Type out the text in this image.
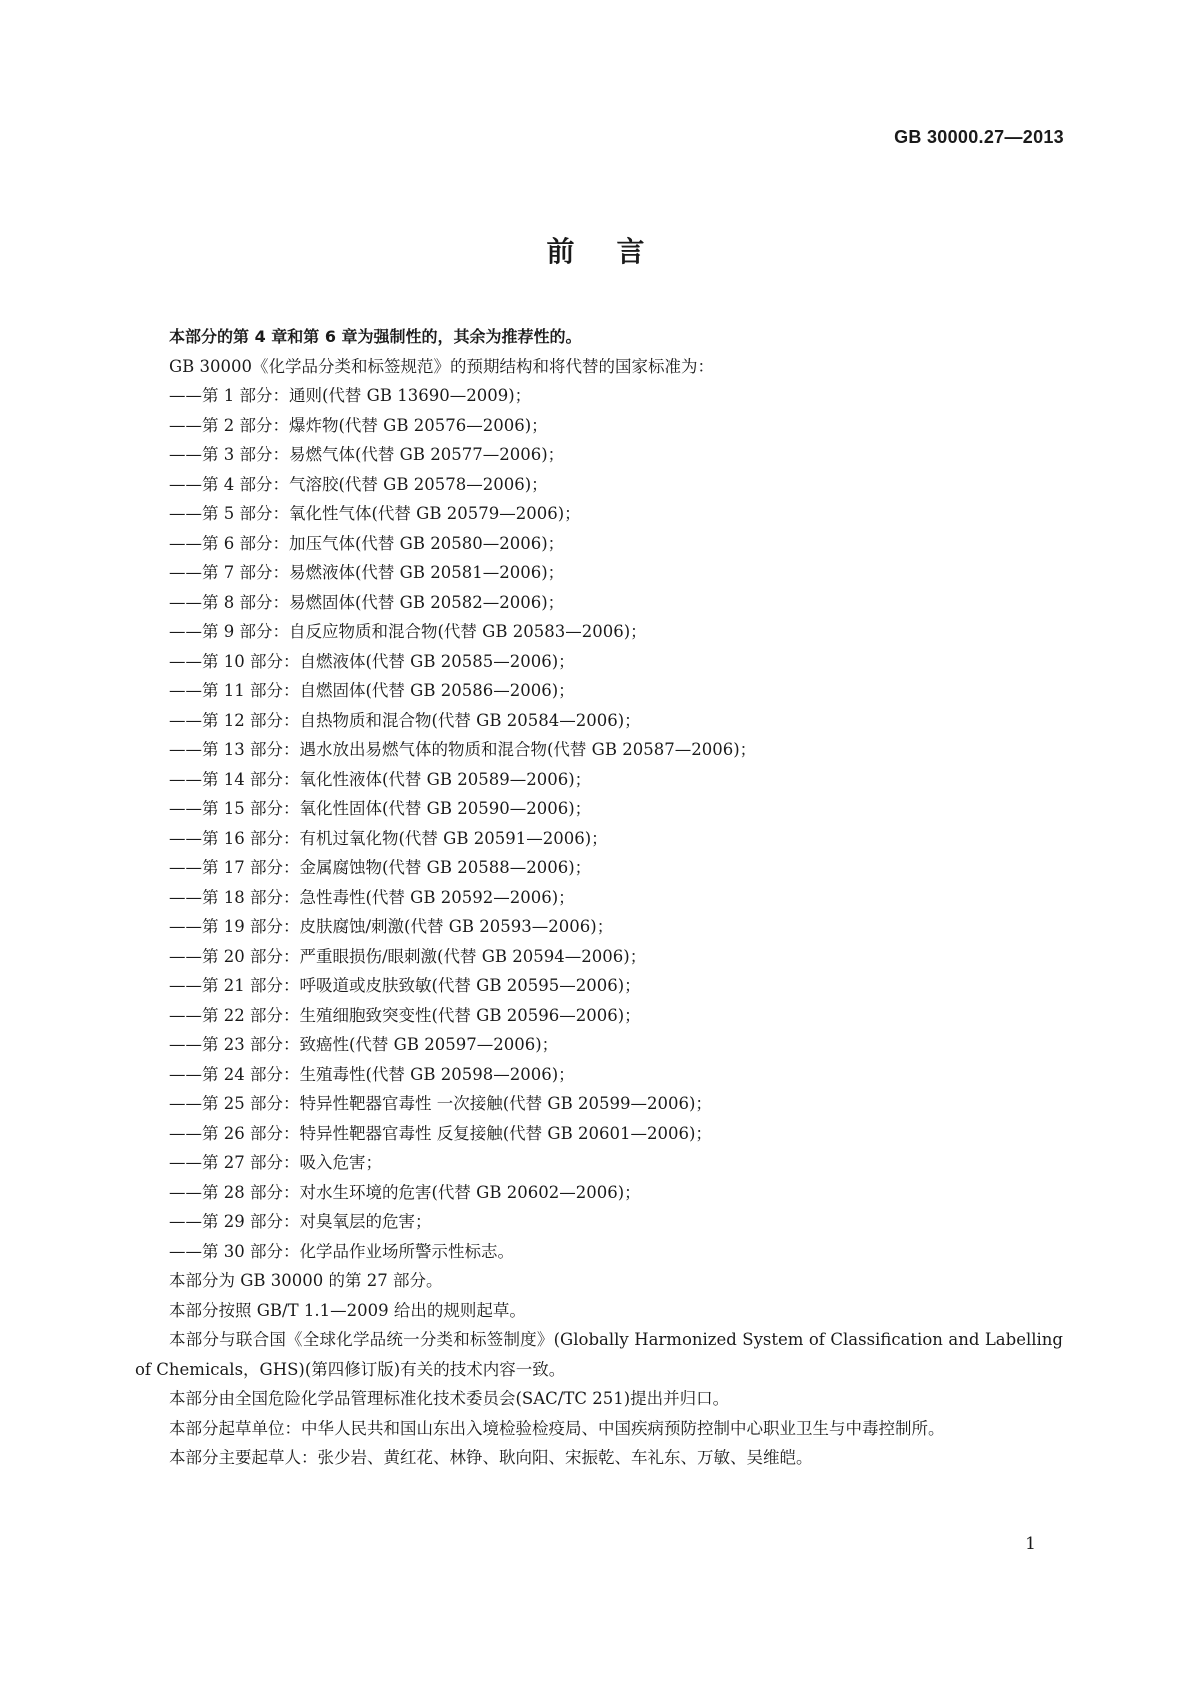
GB 30000.27—2013
前言

本部分的第 4 章和第 6 章为强制性的，其余为推荐性的。

GB 30000《化学品分类和标签规范》的预期结构和将代替的国家标准为：

——第 1 部分：通则(代替 GB 13690—2009)；
——第 2 部分：爆炸物(代替 GB 20576—2006)；
——第 3 部分：易燃气体(代替 GB 20577—2006)；
——第 4 部分：气溶胶(代替 GB 20578—2006)；
——第 5 部分：氧化性气体(代替 GB 20579—2006)；
——第 6 部分：加压气体(代替 GB 20580—2006)；
——第 7 部分：易燃液体(代替 GB 20581—2006)；
——第 8 部分：易燃固体(代替 GB 20582—2006)；
——第 9 部分：自反应物质和混合物(代替 GB 20583—2006)；
——第 10 部分：自燃液体(代替 GB 20585—2006)；
——第 11 部分：自燃固体(代替 GB 20586—2006)；
——第 12 部分：自热物质和混合物(代替 GB 20584—2006)；
——第 13 部分：遇水放出易燃气体的物质和混合物(代替 GB 20587—2006)；
——第 14 部分：氧化性液体(代替 GB 20589—2006)；
——第 15 部分：氧化性固体(代替 GB 20590—2006)；
——第 16 部分：有机过氧化物(代替 GB 20591—2006)；
——第 17 部分：金属腐蚀物(代替 GB 20588—2006)；
——第 18 部分：急性毒性(代替 GB 20592—2006)；
——第 19 部分：皮肤腐蚀/刺激(代替 GB 20593—2006)；
——第 20 部分：严重眼损伤/眼刺激(代替 GB 20594—2006)；
——第 21 部分：呼吸道或皮肤致敏(代替 GB 20595—2006)；
——第 22 部分：生殖细胞致突变性(代替 GB 20596—2006)；
——第 23 部分：致癌性(代替 GB 20597—2006)；
——第 24 部分：生殖毒性(代替 GB 20598—2006)；
——第 25 部分：特异性靶器官毒性 一次接触(代替 GB 20599—2006)；
——第 26 部分：特异性靶器官毒性 反复接触(代替 GB 20601—2006)；
——第 27 部分：吸入危害；
——第 28 部分：对水生环境的危害(代替 GB 20602—2006)；
——第 29 部分：对臭氧层的危害；
——第 30 部分：化学品作业场所警示性标志。

本部分为 GB 30000 的第 27 部分。

本部分按照 GB/T 1.1—2009 给出的规则起草。

本部分与联合国《全球化学品统一分类和标签制度》(Globally Harmonized System of Classification and Labelling of Chemicals，GHS)(第四修订版)有关的技术内容一致。

本部分由全国危险化学品管理标准化技术委员会(SAC/TC 251)提出并归口。

本部分起草单位：中华人民共和国山东出入境检验检疫局、中国疾病预防控制中心职业卫生与中毒控制所。

本部分主要起草人：张少岩、黄红花、林铮、耿向阳、宋振乾、车礼东、万敏、吴维皑。

1
